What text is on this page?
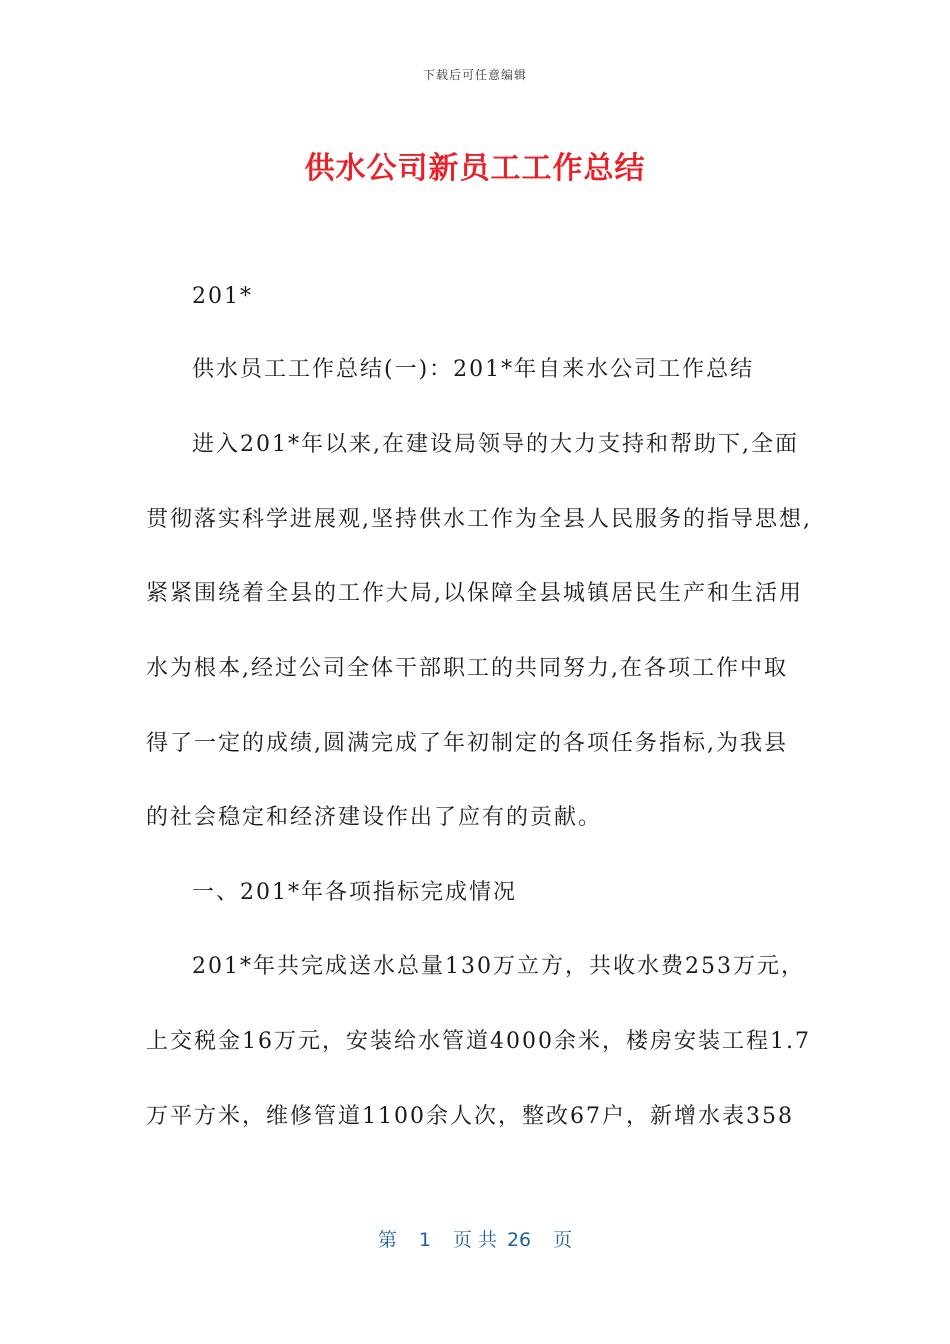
下载后可任意编辑
供水公司新员工工作总结
201*
供水员工工作总结(一)：201*年自来水公司工作总结
进入201*年以来,在建设局领导的大力支持和帮助下,全面
贯彻落实科学进展观,坚持供水工作为全县人民服务的指导思想,
紧紧围绕着全县的工作大局,以保障全县城镇居民生产和生活用
水为根本,经过公司全体干部职工的共同努力,在各项工作中取
得了一定的成绩,圆满完成了年初制定的各项任务指标,为我县
的社会稳定和经济建设作出了应有的贡献。
一、201*年各项指标完成情况
201*年共完成送水总量130万立方，共收水费253万元，
上交税金16万元，安装给水管道4000余米，楼房安装工程1.7
万平方米，维修管道1100余人次，整改67户，新增水表358
第 1 页 共 26 页
